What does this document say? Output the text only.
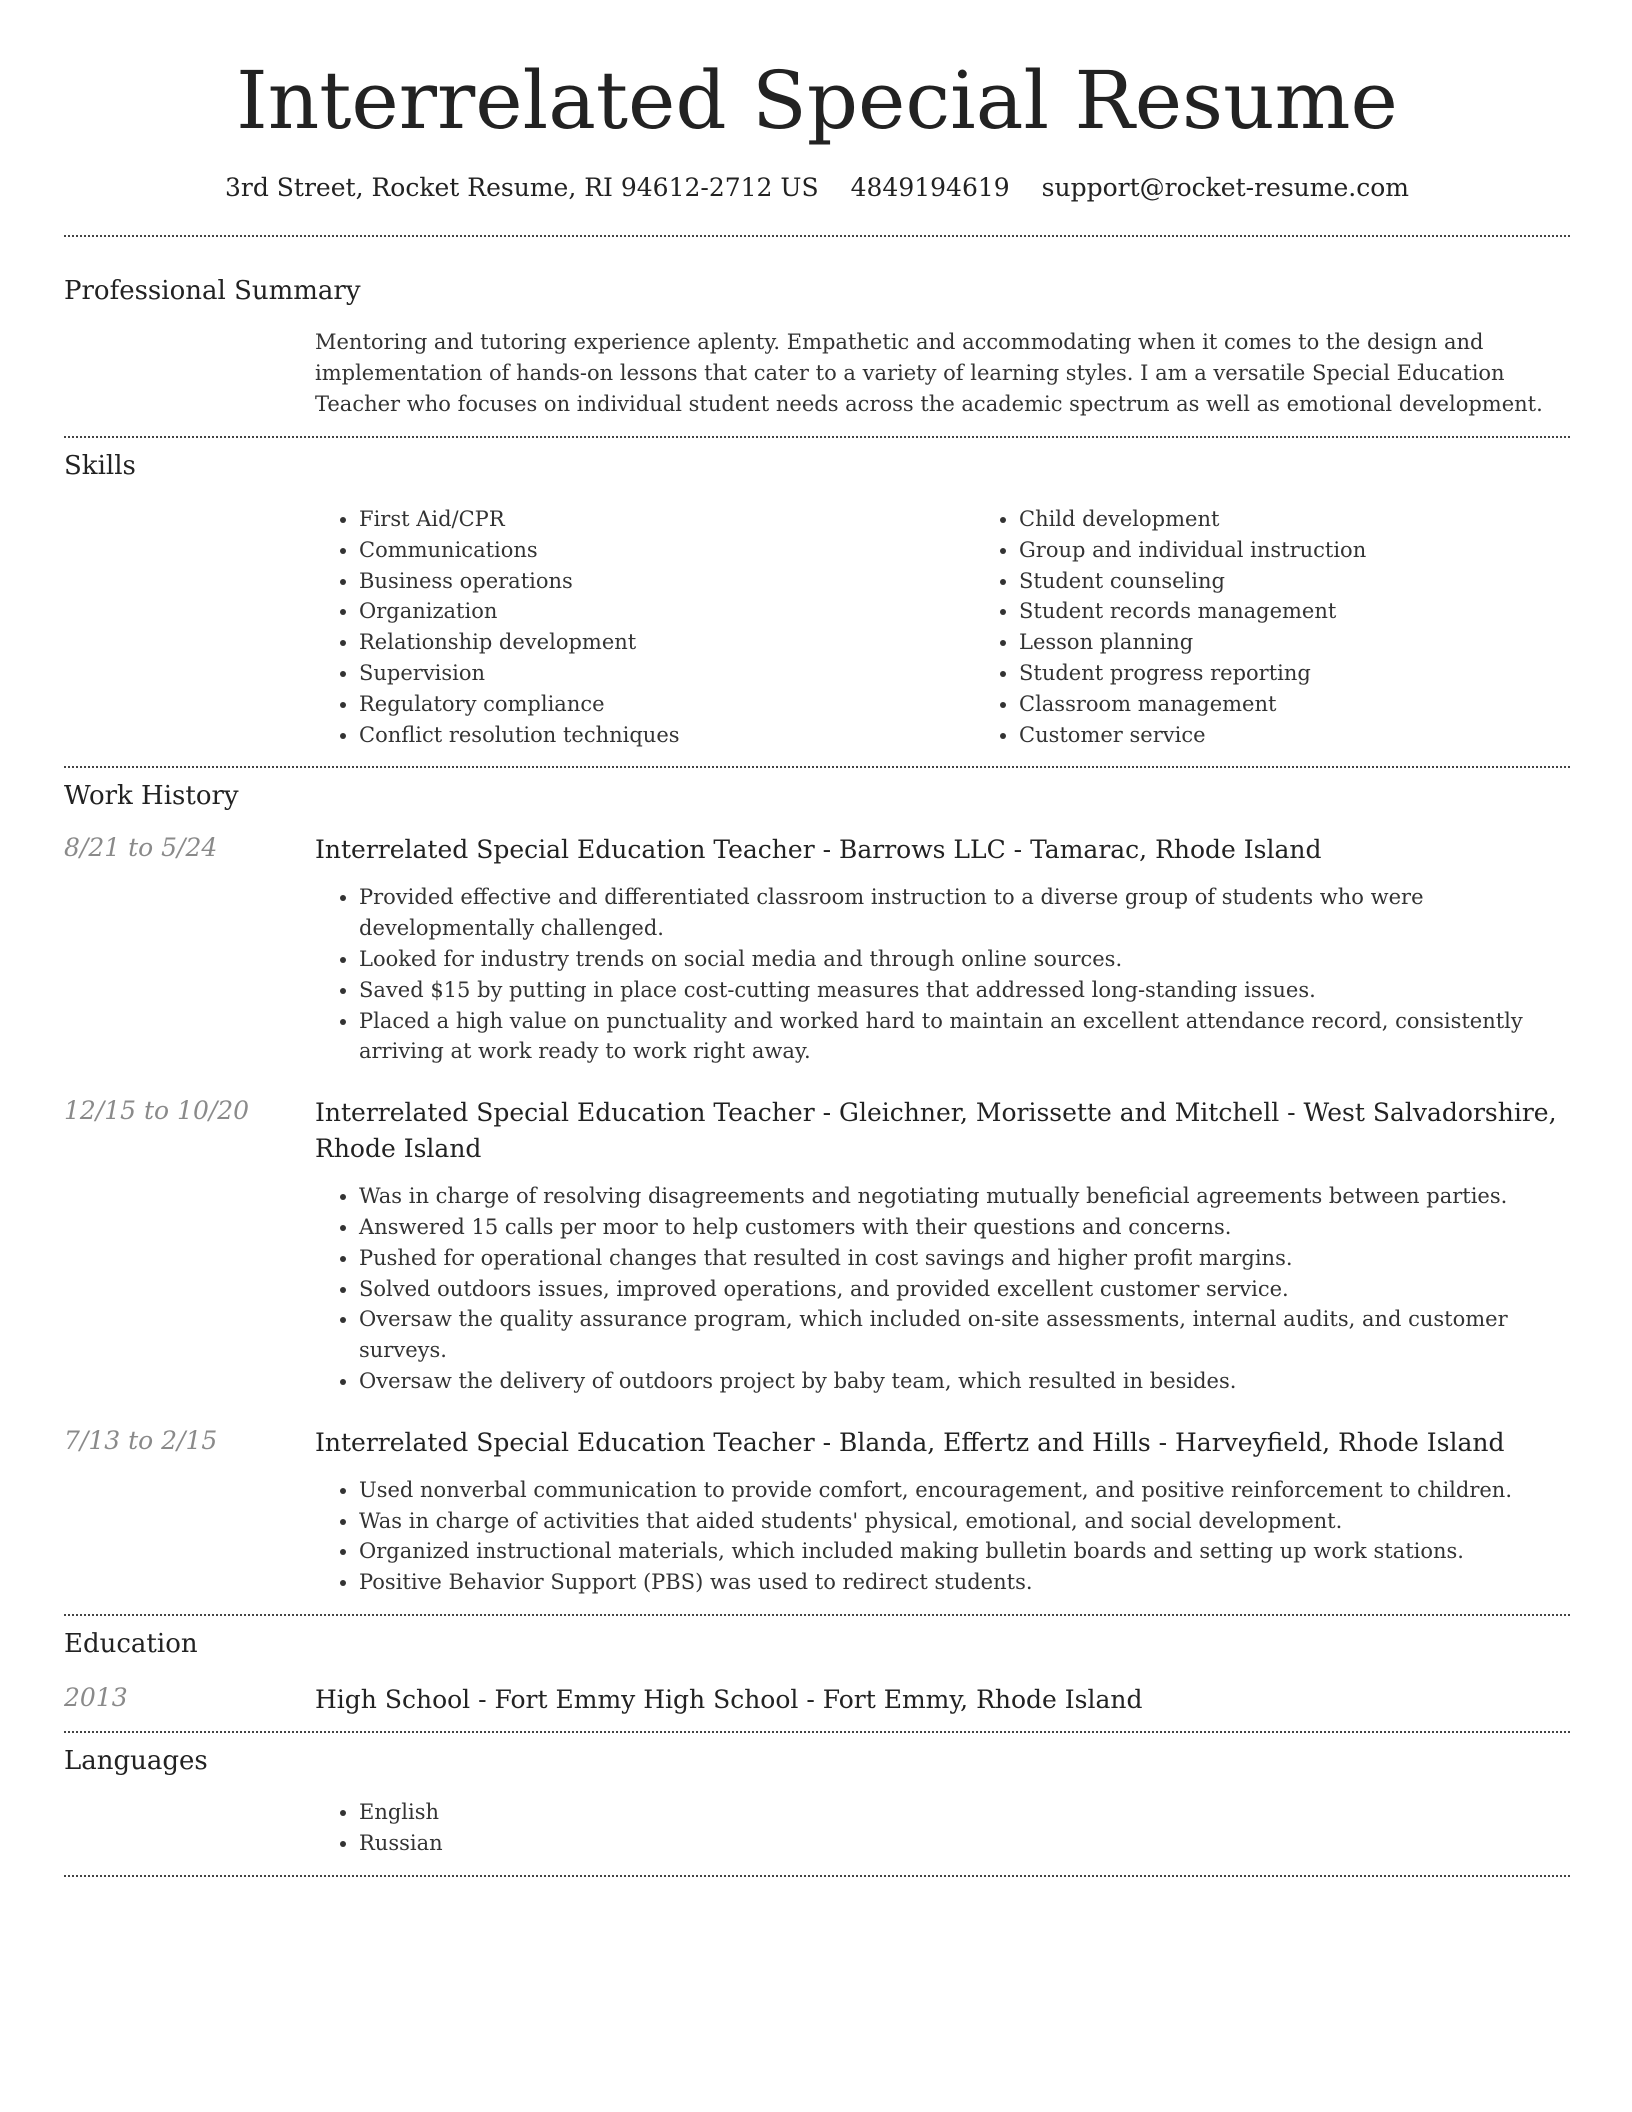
Interrelated Special Resume
3rd Street, Rocket Resume, RI 94612-2712 US 4849194619 support@rocket-resume.com
Professional Summary

Mentoring and tutoring experience aplenty. Empathetic and accommodating when it comes to the design and implementation of hands-on lessons that cater to a variety of learning styles. I am a versatile Special Education Teacher who focuses on individual student needs across the academic spectrum as well as emotional development.

Skills
• First Aid/CPR
• Communications
• Business operations
• Organization
• Relationship development
• Supervision
• Regulatory compliance
• Conflict resolution techniques
• Child development
• Group and individual instruction
• Student counseling
• Student records management
• Lesson planning
• Student progress reporting
• Classroom management
• Customer service
Work History
8/21 to 5/24	Interrelated Special Education Teacher - Barrows LLC - Tamarac, Rhode Island
• Provided effective and differentiated classroom instruction to a diverse group of students who were developmentally challenged.
• Looked for industry trends on social media and through online sources.
• Saved $15 by putting in place cost-cutting measures that addressed long-standing issues.
• Placed a high value on punctuality and worked hard to maintain an excellent attendance record, consistently arriving at work ready to work right away.
12/15 to 10/20	Interrelated Special Education Teacher - Gleichner, Morissette and Mitchell - West Salvadorshire, Rhode Island
• Was in charge of resolving disagreements and negotiating mutually beneficial agreements between parties.
• Answered 15 calls per moor to help customers with their questions and concerns.
• Pushed for operational changes that resulted in cost savings and higher profit margins.
• Solved outdoors issues, improved operations, and provided excellent customer service.
• Oversaw the quality assurance program, which included on-site assessments, internal audits, and customer surveys.
• Oversaw the delivery of outdoors project by baby team, which resulted in besides.
7/13 to 2/15	Interrelated Special Education Teacher - Blanda, Effertz and Hills - Harveyfield, Rhode Island
• Used nonverbal communication to provide comfort, encouragement, and positive reinforcement to children.
• Was in charge of activities that aided students' physical, emotional, and social development.
• Organized instructional materials, which included making bulletin boards and setting up work stations.
• Positive Behavior Support (PBS) was used to redirect students.
Education
2013	High School - Fort Emmy High School - Fort Emmy, Rhode Island
Languages
• English
• Russian
